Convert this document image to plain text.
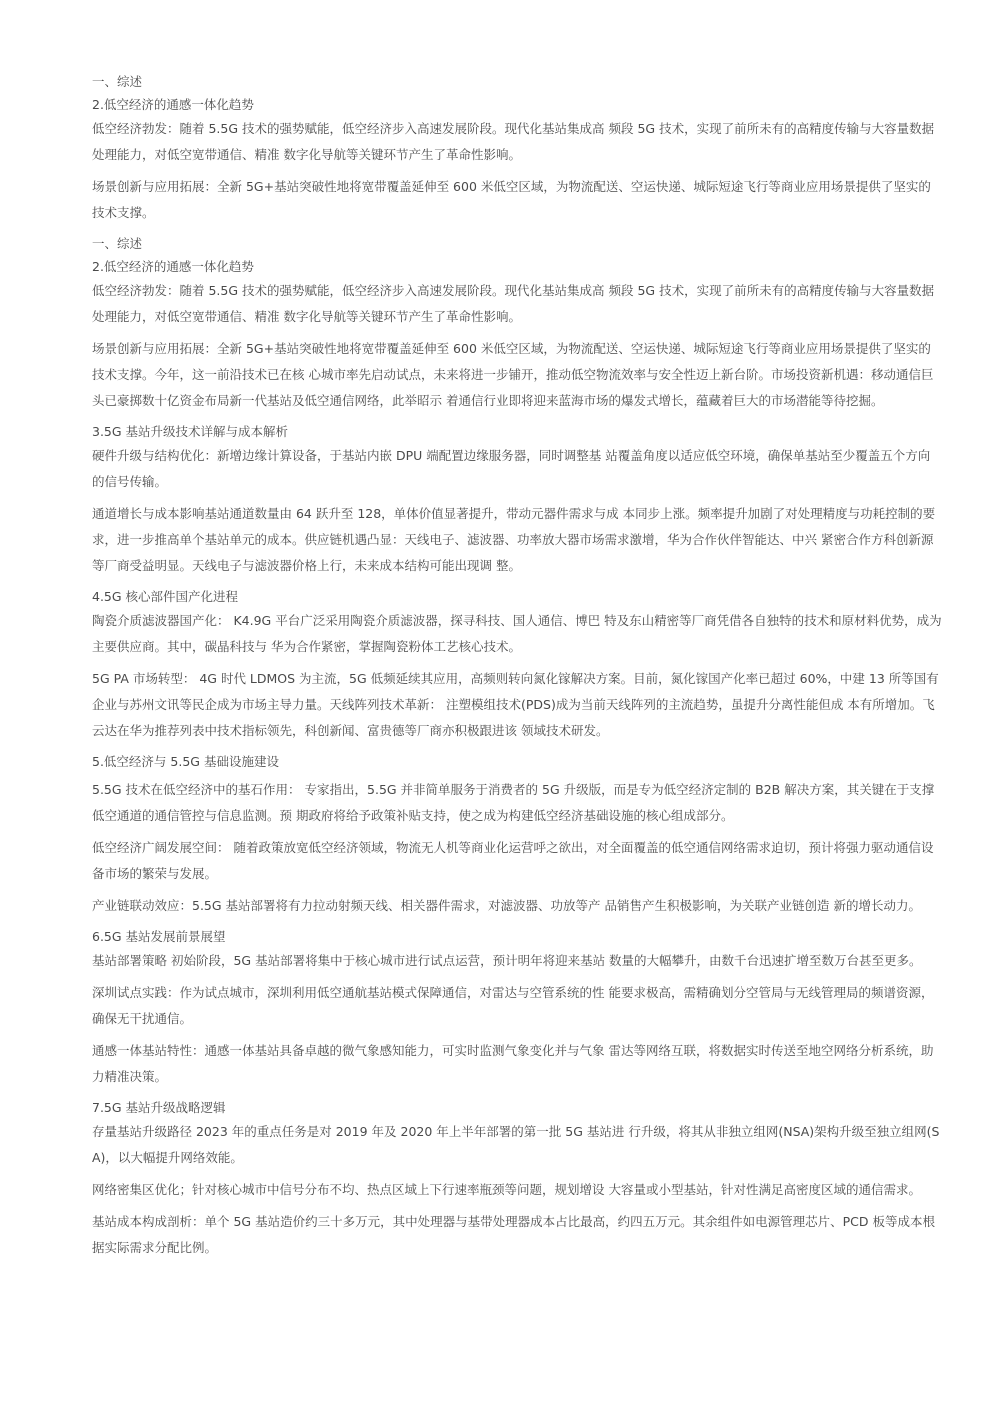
一、综述

2.低空经济的通感一体化趋势

低空经济勃发：随着 5.5G 技术的强势赋能，低空经济步入高速发展阶段。现代化基站集成高 频段 5G 技术，实现了前所未有的高精度传输与大容量数据处理能力，对低空宽带通信、精准 数字化导航等关键环节产生了革命性影响。

场景创新与应用拓展：全新 5G+基站突破性地将宽带覆盖延伸至 600 米低空区域，为物流配送、空运快递、城际短途飞行等商业应用场景提供了坚实的技术支撑。

一、综述

2.低空经济的通感一体化趋势

低空经济勃发：随着 5.5G 技术的强势赋能，低空经济步入高速发展阶段。现代化基站集成高 频段 5G 技术，实现了前所未有的高精度传输与大容量数据处理能力，对低空宽带通信、精准 数字化导航等关键环节产生了革命性影响。

场景创新与应用拓展：全新 5G+基站突破性地将宽带覆盖延伸至 600 米低空区域，为物流配送、空运快递、城际短途飞行等商业应用场景提供了坚实的技术支撑。今年，这一前沿技术已在核 心城市率先启动试点，未来将进一步铺开，推动低空物流效率与安全性迈上新台阶。市场投资新机遇：移动通信巨头已豪掷数十亿资金布局新一代基站及低空通信网络，此举昭示 着通信行业即将迎来蓝海市场的爆发式增长，蕴藏着巨大的市场潜能等待挖掘。

3.5G 基站升级技术详解与成本解析

硬件升级与结构优化：新增边缘计算设备，于基站内嵌 DPU 端配置边缘服务器，同时调整基 站覆盖角度以适应低空环境，确保单基站至少覆盖五个方向的信号传输。

通道增长与成本影响基站通道数量由 64 跃升至 128，单体价值显著提升，带动元器件需求与成 本同步上涨。频率提升加剧了对处理精度与功耗控制的要求，进一步推高单个基站单元的成本。供应链机遇凸显：天线电子、滤波器、功率放大器市场需求激增，华为合作伙伴智能达、中兴 紧密合作方科创新源等厂商受益明显。天线电子与滤波器价格上行，未来成本结构可能出现调 整。

4.5G 核心部件国产化进程

陶瓷介质滤波器国产化： K4.9G 平台广泛采用陶瓷介质滤波器，探寻科技、国人通信、博巴 特及东山精密等厂商凭借各自独特的技术和原材料优势，成为主要供应商。其中，碳晶科技与 华为合作紧密，掌握陶瓷粉体工艺核心技术。

5G PA 市场转型： 4G 时代 LDMOS 为主流，5G 低频延续其应用，高频则转向氮化镓解决方案。目前，氮化镓国产化率已超过 60%，中建 13 所等国有企业与苏州文讯等民企成为市场主导力量。天线阵列技术革新： 注塑模组技术(PDS)成为当前天线阵列的主流趋势，虽提升分离性能但成 本有所增加。飞云达在华为推荐列表中技术指标领先，科创新闻、富贵德等厂商亦积极跟进该 领域技术研发。

5.低空经济与 5.5G 基础设施建设

5.5G 技术在低空经济中的基石作用： 专家指出，5.5G 并非简单服务于消费者的 5G 升级版，而是专为低空经济定制的 B2B 解决方案，其关键在于支撑低空通道的通信管控与信息监测。预 期政府将给予政策补贴支持，使之成为构建低空经济基础设施的核心组成部分。

低空经济广阔发展空间： 随着政策放宽低空经济领域，物流无人机等商业化运营呼之欲出，对全面覆盖的低空通信网络需求迫切，预计将强力驱动通信设备市场的繁荣与发展。

产业链联动效应：5.5G 基站部署将有力拉动射频天线、相关器件需求，对滤波器、功放等产 品销售产生积极影响，为关联产业链创造 新的增长动力。

6.5G 基站发展前景展望

基站部署策略 初始阶段，5G 基站部署将集中于核心城市进行试点运营，预计明年将迎来基站 数量的大幅攀升，由数千台迅速扩增至数万台甚至更多。

深圳试点实践：作为试点城市，深圳利用低空通航基站模式保障通信，对雷达与空管系统的性 能要求极高，需精确划分空管局与无线管理局的频谱资源，确保无干扰通信。

通感一体基站特性：通感一体基站具备卓越的微气象感知能力，可实时监测气象变化并与气象 雷达等网络互联，将数据实时传送至地空网络分析系统，助力精准决策。

7.5G 基站升级战略逻辑

存量基站升级路径 2023 年的重点任务是对 2019 年及 2020 年上半年部署的第一批 5G 基站进 行升级，将其从非独立组网(NSA)架构升级至独立组网(SA)，以大幅提升网络效能。

网络密集区优化；针对核心城市中信号分布不均、热点区域上下行速率瓶颈等问题，规划增设 大容量或小型基站，针对性满足高密度区域的通信需求。

基站成本构成剖析：单个 5G 基站造价约三十多万元，其中处理器与基带处理器成本占比最高，约四五万元。其余组件如电源管理芯片、PCD 板等成本根据实际需求分配比例。
